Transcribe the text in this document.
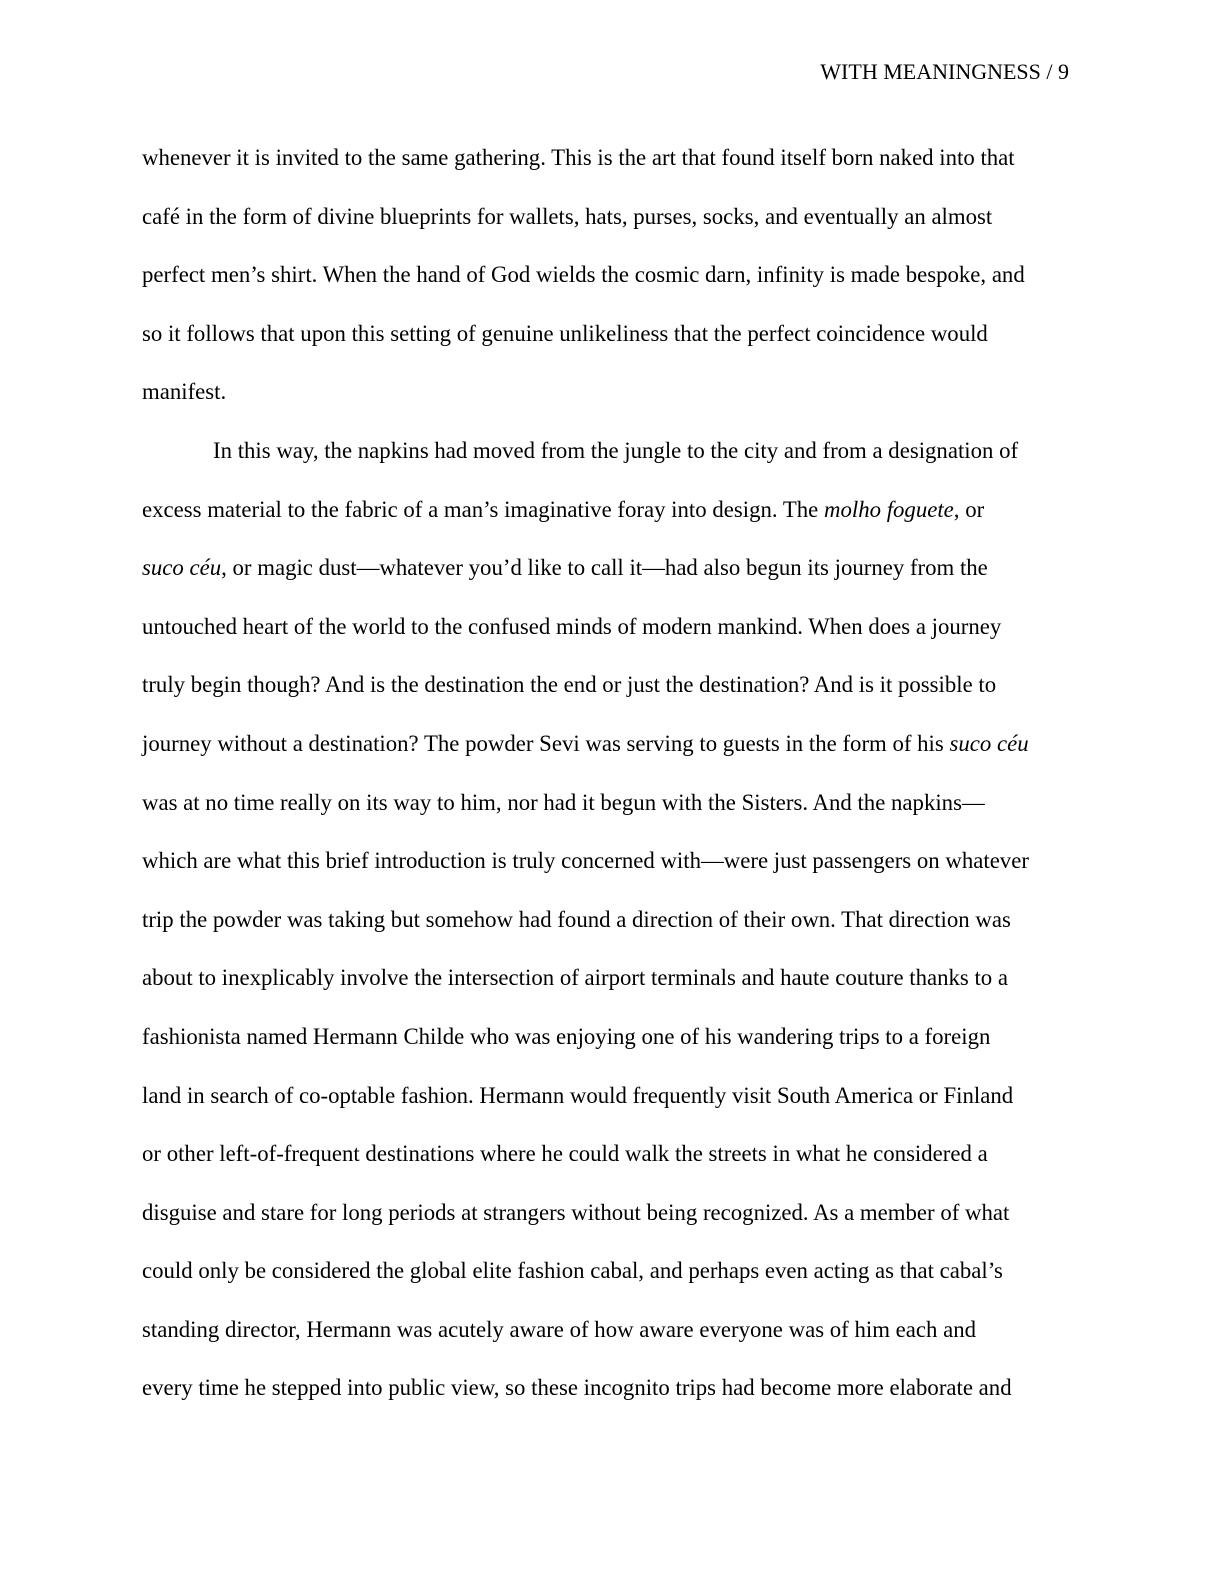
WITH MEANINGNESS / 9
whenever it is invited to the same gathering. This is the art that found itself born naked into that
café in the form of divine blueprints for wallets, hats, purses, socks, and eventually an almost
perfect men’s shirt. When the hand of God wields the cosmic darn, infinity is made bespoke, and
so it follows that upon this setting of genuine unlikeliness that the perfect coincidence would
manifest.
In this way, the napkins had moved from the jungle to the city and from a designation of
excess material to the fabric of a man’s imaginative foray into design. The molho foguete, or
suco céu, or magic dust—whatever you’d like to call it—had also begun its journey from the
untouched heart of the world to the confused minds of modern mankind. When does a journey
truly begin though? And is the destination the end or just the destination? And is it possible to
journey without a destination? The powder Sevi was serving to guests in the form of his suco céu
was at no time really on its way to him, nor had it begun with the Sisters. And the napkins—
which are what this brief introduction is truly concerned with—were just passengers on whatever
trip the powder was taking but somehow had found a direction of their own. That direction was
about to inexplicably involve the intersection of airport terminals and haute couture thanks to a
fashionista named Hermann Childe who was enjoying one of his wandering trips to a foreign
land in search of co-optable fashion. Hermann would frequently visit South America or Finland
or other left-of-frequent destinations where he could walk the streets in what he considered a
disguise and stare for long periods at strangers without being recognized. As a member of what
could only be considered the global elite fashion cabal, and perhaps even acting as that cabal’s
standing director, Hermann was acutely aware of how aware everyone was of him each and
every time he stepped into public view, so these incognito trips had become more elaborate and
